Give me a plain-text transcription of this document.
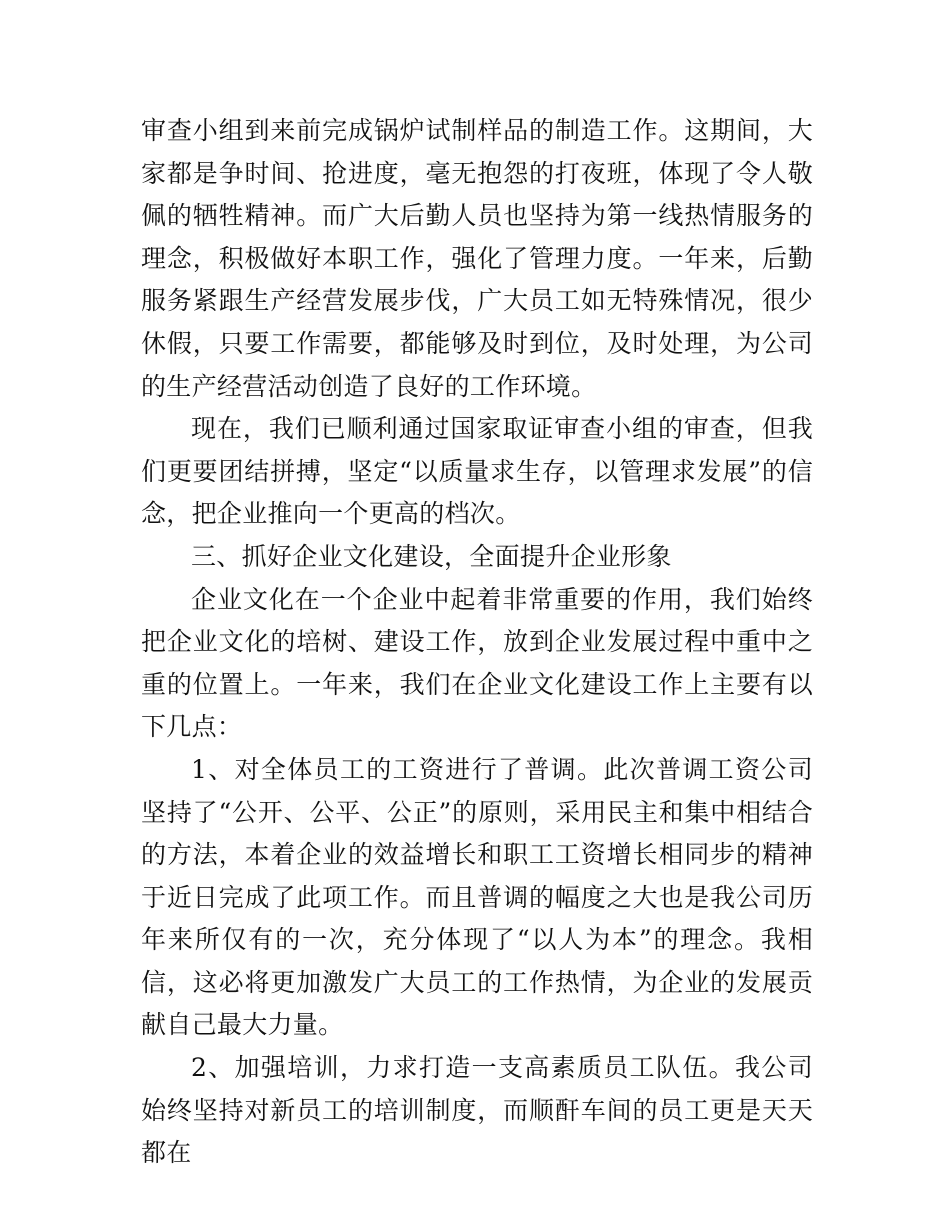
审查小组到来前完成锅炉试制样品的制造工作。这期间，大家都是争时间、抢进度，毫无抱怨的打夜班，体现了令人敬佩的牺牲精神。而广大后勤人员也坚持为第一线热情服务的理念，积极做好本职工作，强化了管理力度。一年来，后勤服务紧跟生产经营发展步伐，广大员工如无特殊情况，很少休假，只要工作需要，都能够及时到位，及时处理，为公司的生产经营活动创造了良好的工作环境。

现在，我们已顺利通过国家取证审查小组的审查，但我们更要团结拼搏，坚定“以质量求生存，以管理求发展”的信念，把企业推向一个更高的档次。

三、抓好企业文化建设，全面提升企业形象

企业文化在一个企业中起着非常重要的作用，我们始终把企业文化的培树、建设工作，放到企业发展过程中重中之重的位置上。一年来，我们在企业文化建设工作上主要有以下几点：

1、对全体员工的工资进行了普调。此次普调工资公司坚持了“公开、公平、公正”的原则，采用民主和集中相结合的方法，本着企业的效益增长和职工工资增长相同步的精神于近日完成了此项工作。而且普调的幅度之大也是我公司历年来所仅有的一次，充分体现了“以人为本”的理念。我相信，这必将更加激发广大员工的工作热情，为企业的发展贡献自己最大力量。

2、加强培训，力求打造一支高素质员工队伍。我公司始终坚持对新员工的培训制度，而顺酐车间的员工更是天天都在
